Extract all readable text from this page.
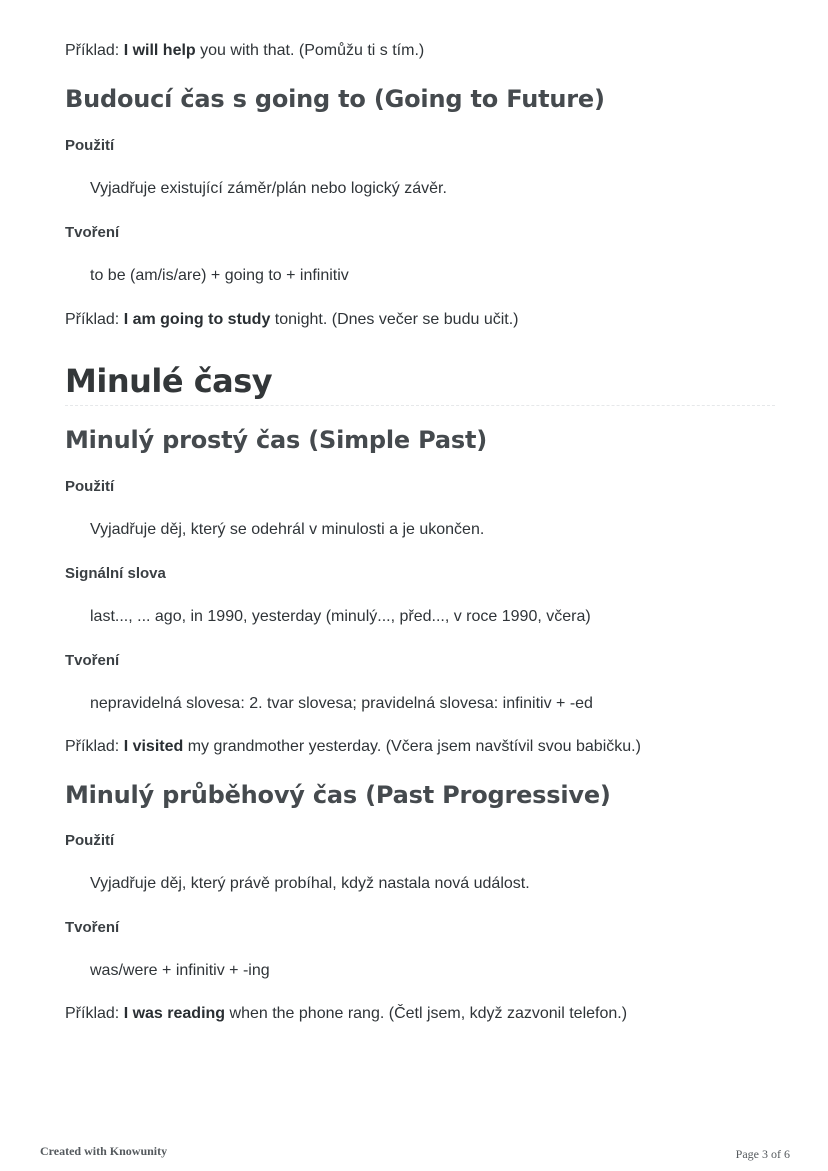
Příklad: I will help you with that. (Pomůžu ti s tím.)
Budoucí čas s going to (Going to Future)
Použití
Vyjadřuje existující záměr/plán nebo logický závěr.
Tvoření
to be (am/is/are) + going to + infinitiv
Příklad: I am going to study tonight. (Dnes večer se budu učit.)
Minulé časy
Minulý prostý čas (Simple Past)
Použití
Vyjadřuje děj, který se odehrál v minulosti a je ukončen.
Signální slova
last..., ... ago, in 1990, yesterday (minulý..., před..., v roce 1990, včera)
Tvoření
nepravidelná slovesa: 2. tvar slovesa; pravidelná slovesa: infinitiv + -ed
Příklad: I visited my grandmother yesterday. (Včera jsem navštívil svou babičku.)
Minulý průběhový čas (Past Progressive)
Použití
Vyjadřuje děj, který právě probíhal, když nastala nová událost.
Tvoření
was/were + infinitiv + -ing
Příklad: I was reading when the phone rang. (Četl jsem, když zazvonil telefon.)
Created with Knowunity	Page 3 of 6
